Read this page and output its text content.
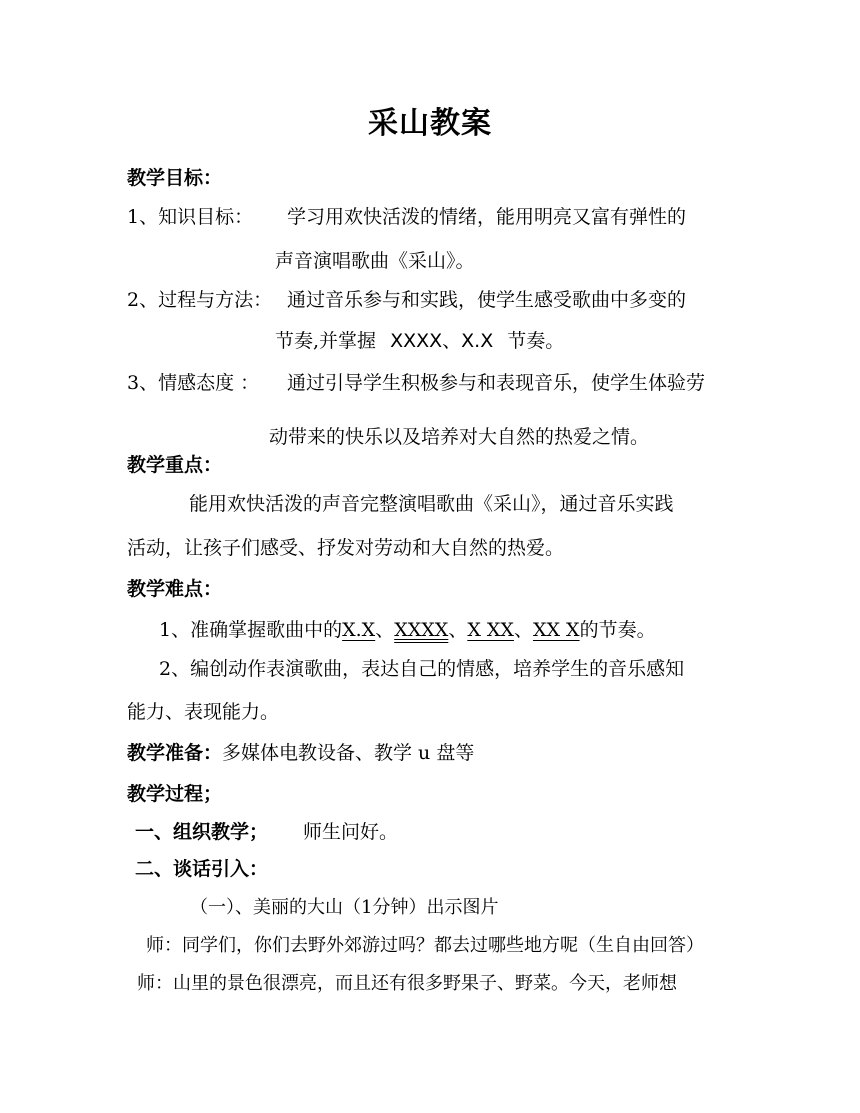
采山教案
教学目标：
1、知识目标： 学习用欢快活泼的情绪，能用明亮又富有弹性的
声音演唱歌曲《采山》。
2、过程与方法： 通过音乐参与和实践，使学生感受歌曲中多变的
节奏,并掌握 XXXX、X.X 节奏。
3、情感态度 ： 通过引导学生积极参与和表现音乐，使学生体验劳
动带来的快乐以及培养对大自然的热爱之情。
教学重点：
能用欢快活泼的声音完整演唱歌曲《采山》，通过音乐实践
活动，让孩子们感受、抒发对劳动和大自然的热爱。
教学难点：
1、准确掌握歌曲中的X.X、XXXX、X XX、XX X的节奏。
2、编创动作表演歌曲，表达自己的情感，培养学生的音乐感知
能力、表现能力。
教学准备：多媒体电教设备、教学 u 盘等
教学过程；
一、组织教学； 师生问好。
二、谈话引入：
（一）、美丽的大山（1分钟）出示图片
师：同学们，你们去野外郊游过吗？都去过哪些地方呢（生自由回答）
师：山里的景色很漂亮，而且还有很多野果子、野菜。今天，老师想
